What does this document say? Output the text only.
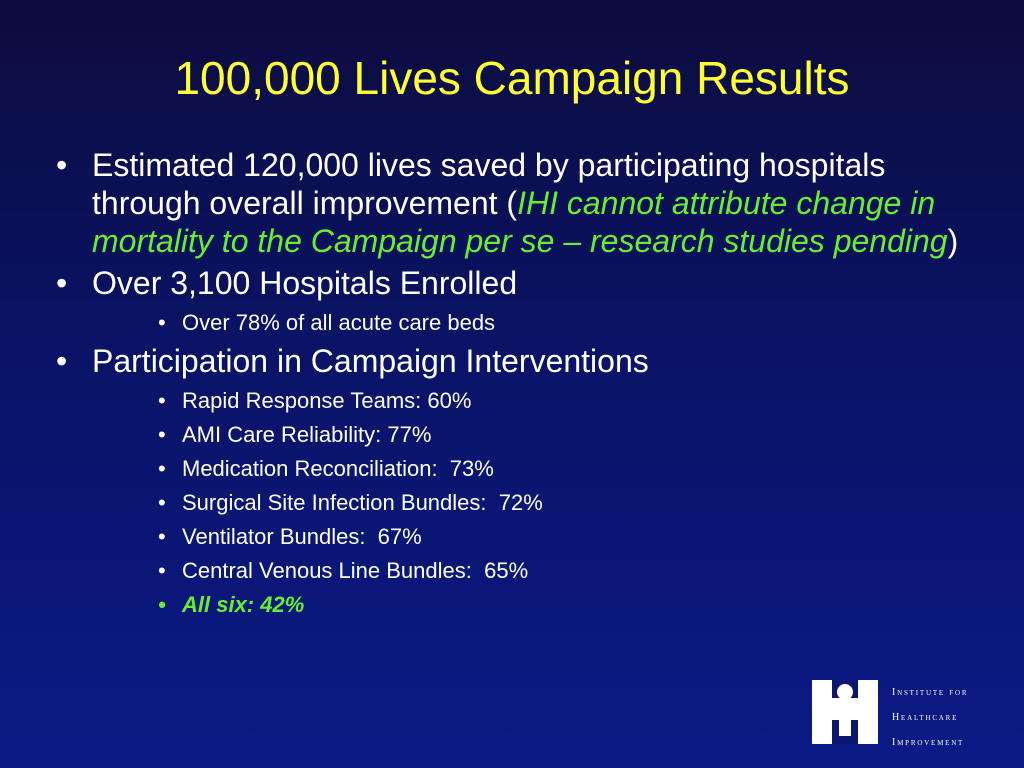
100,000 Lives Campaign Results
• Estimated 120,000 lives saved by participating hospitals through overall improvement (IHI cannot attribute change in mortality to the Campaign per se – research studies pending)
• Over 3,100 Hospitals Enrolled
• Over 78% of all acute care beds
• Participation in Campaign Interventions
• Rapid Response Teams: 60%
• AMI Care Reliability: 77%
• Medication Reconciliation:  73%
• Surgical Site Infection Bundles:  72%
• Ventilator Bundles:  67%
• Central Venous Line Bundles:  65%
• All six: 42%
Institute for
Healthcare
Improvement
